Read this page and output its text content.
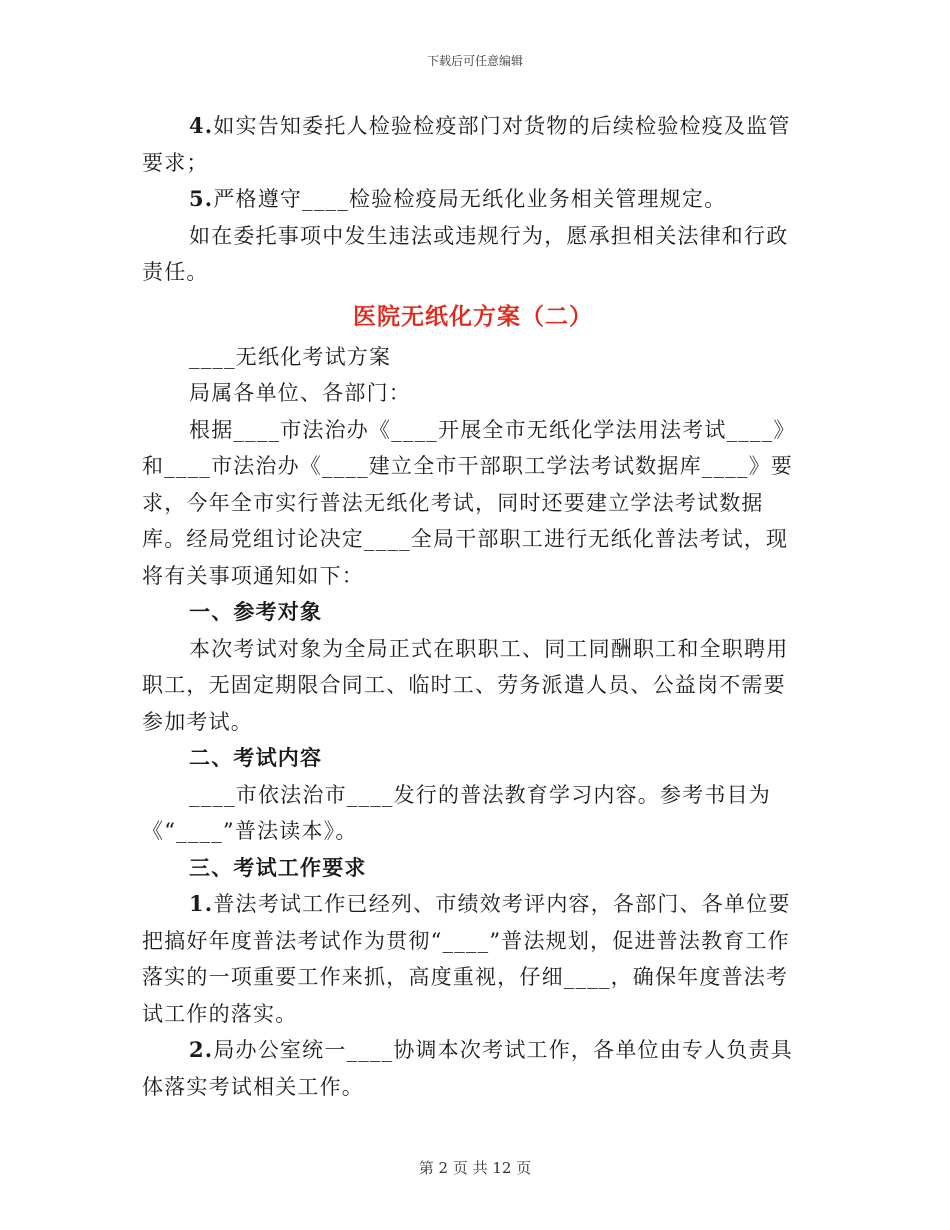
下载后可任意编辑

4.如实告知委托人检验检疫部门对货物的后续检验检疫及监管要求；

5.严格遵守____检验检疫局无纸化业务相关管理规定。

如在委托事项中发生违法或违规行为，愿承担相关法律和行政责任。

医院无纸化方案（二）

____无纸化考试方案

局属各单位、各部门：

根据____市法治办《____开展全市无纸化学法用法考试____》和____市法治办《____建立全市干部职工学法考试数据库____》要求，今年全市实行普法无纸化考试，同时还要建立学法考试数据库。经局党组讨论决定____全局干部职工进行无纸化普法考试，现将有关事项通知如下：

一、参考对象

本次考试对象为全局正式在职职工、同工同酬职工和全职聘用职工，无固定期限合同工、临时工、劳务派遣人员、公益岗不需要参加考试。

二、考试内容

____市依法治市____发行的普法教育学习内容。参考书目为《“____”普法读本》。

三、考试工作要求

1.普法考试工作已经列、市绩效考评内容，各部门、各单位要把搞好年度普法考试作为贯彻“____”普法规划，促进普法教育工作落实的一项重要工作来抓，高度重视，仔细____，确保年度普法考试工作的落实。

2.局办公室统一____协调本次考试工作，各单位由专人负责具体落实考试相关工作。

第 2 页 共 12 页
